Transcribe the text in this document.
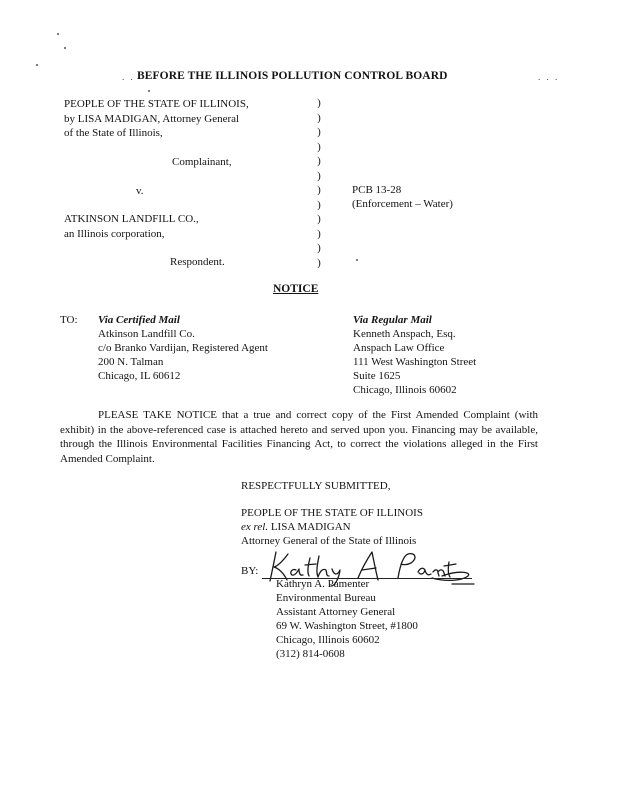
. .	. . .
BEFORE THE ILLINOIS POLLUTION CONTROL BOARD
PEOPLE OF THE STATE OF ILLINOIS,
by LISA MADIGAN, Attorney General
of the State of Illinois,
Complainant,
v.
ATKINSON LANDFILL CO.,
an Illinois corporation,
Respondent.
)
)
)
)
)
)
)
)
)
)
)
)
PCB 13-28
(Enforcement – Water)
NOTICE
TO: Via Certified Mail
Atkinson Landfill Co.
c/o Branko Vardijan, Registered Agent
200 N. Talman
Chicago, IL 60612
Via Regular Mail
Kenneth Anspach, Esq.
Anspach Law Office
111 West Washington Street
Suite 1625
Chicago, Illinois 60602
PLEASE TAKE NOTICE that a true and correct copy of the First Amended Complaint (with exhibit) in the above-referenced case is attached hereto and served upon you. Financing may be available, through the Illinois Environmental Facilities Financing Act, to correct the violations alleged in the First Amended Complaint.
RESPECTFULLY SUBMITTED,
PEOPLE OF THE STATE OF ILLINOIS
ex rel. LISA MADIGAN
Attorney General of the State of Illinois
BY:
Kathryn A. Pamenter
Environmental Bureau
Assistant Attorney General
69 W. Washington Street, #1800
Chicago, Illinois 60602
(312) 814-0608
